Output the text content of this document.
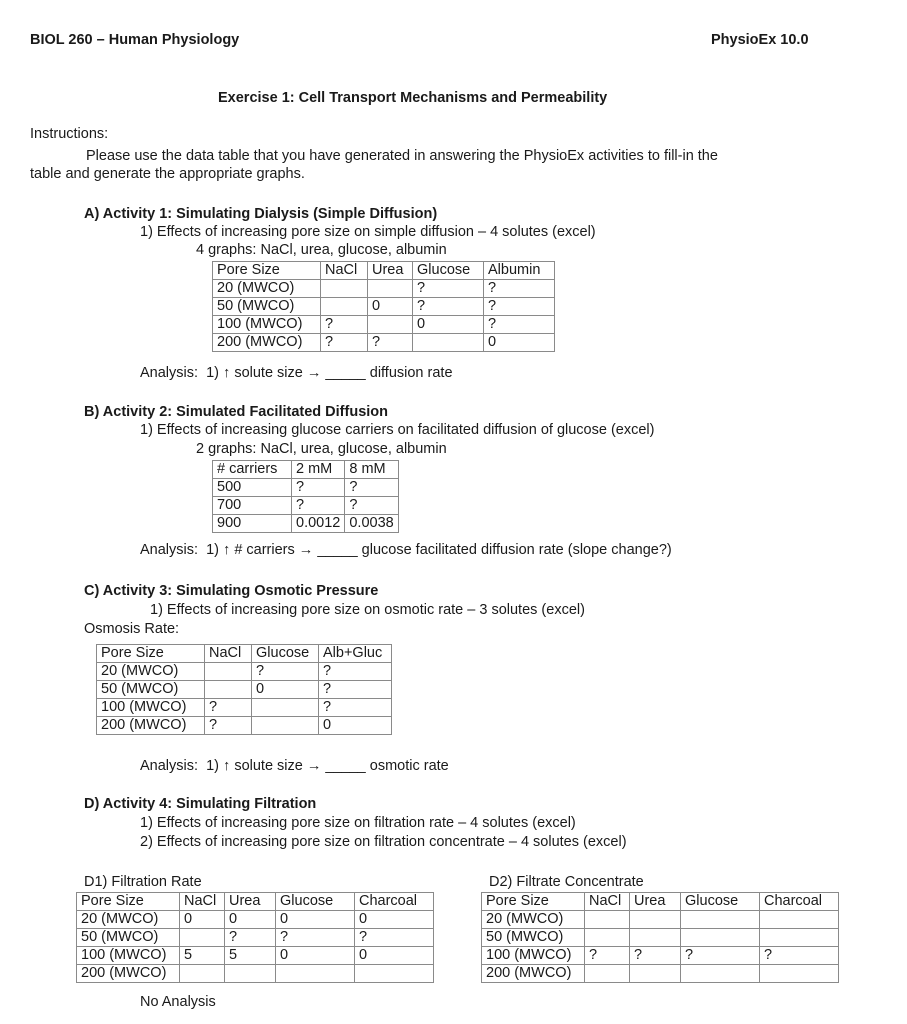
BIOL 260 – Human Physiology	PhysioEx 10.0
Exercise 1: Cell Transport Mechanisms and Permeability
Instructions:
Please use the data table that you have generated in answering the PhysioEx activities to fill-in the
table and generate the appropriate graphs.
A) Activity 1: Simulating Dialysis (Simple Diffusion)
1) Effects of increasing pore size on simple diffusion – 4 solutes (excel)
4 graphs: NaCl, urea, glucose, albumin
Pore Size	NaCl	Urea	Glucose	Albumin
20 (MWCO)			?	?
50 (MWCO)		0	?	?
100 (MWCO)	?		0	?
200 (MWCO)	?	?		0
Analysis: 1) ↑ solute size → _____ diffusion rate
B) Activity 2: Simulated Facilitated Diffusion
1) Effects of increasing glucose carriers on facilitated diffusion of glucose (excel)
2 graphs: NaCl, urea, glucose, albumin
# carriers	2 mM	8 mM
500	?	?
700	?	?
900	0.0012	0.0038
Analysis: 1) ↑ # carriers → _____ glucose facilitated diffusion rate (slope change?)
C) Activity 3: Simulating Osmotic Pressure
1) Effects of increasing pore size on osmotic rate – 3 solutes (excel)
Osmosis Rate:
Pore Size	NaCl	Glucose	Alb+Gluc
20 (MWCO)		?	?
50 (MWCO)		0	?
100 (MWCO)	?		?
200 (MWCO)	?		0
Analysis: 1) ↑ solute size → _____ osmotic rate
D) Activity 4: Simulating Filtration
1) Effects of increasing pore size on filtration rate – 4 solutes (excel)
2) Effects of increasing pore size on filtration concentrate – 4 solutes (excel)
D1) Filtration Rate
Pore Size	NaCl	Urea	Glucose	Charcoal
20 (MWCO)	0	0	0	0
50 (MWCO)		?	?	?
100 (MWCO)	5	5	0	0
200 (MWCO)				
No Analysis
D2) Filtrate Concentrate
Pore Size	NaCl	Urea	Glucose	Charcoal
20 (MWCO)				
50 (MWCO)				
100 (MWCO)	?	?	?	?
200 (MWCO)				
